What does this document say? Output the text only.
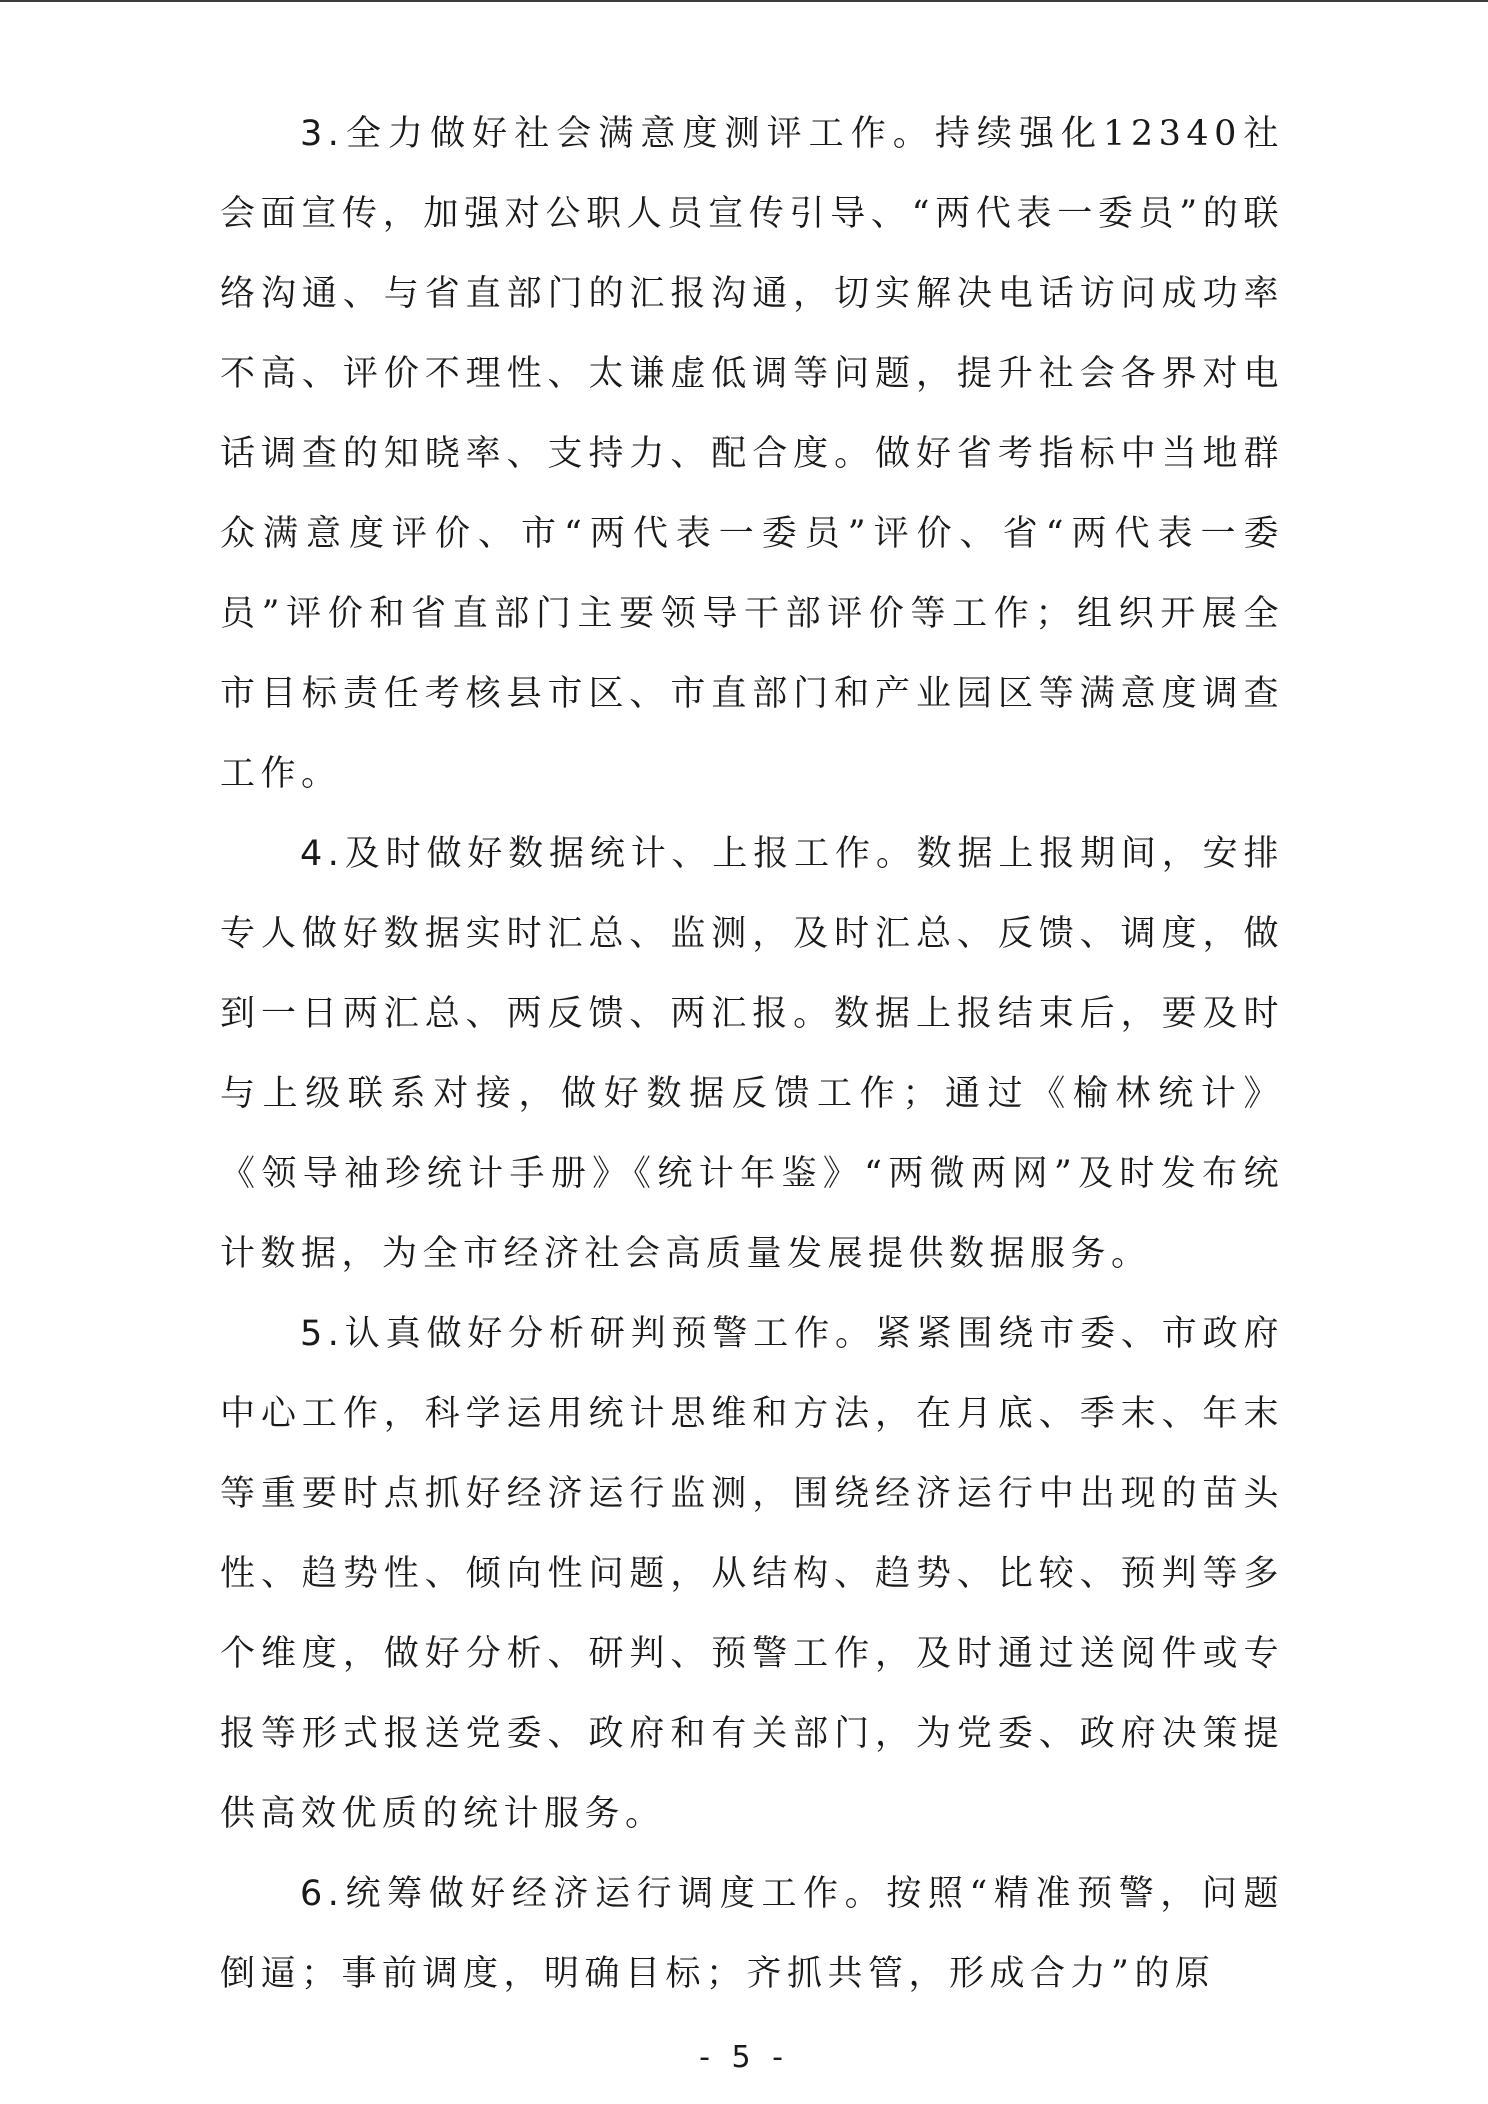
3.全力做好社会满意度测评工作。持续强化12340社会面宣传，加强对公职人员宣传引导、“两代表一委员”的联络沟通、与省直部门的汇报沟通，切实解决电话访问成功率不高、评价不理性、太谦虚低调等问题，提升社会各界对电话调查的知晓率、支持力、配合度。做好省考指标中当地群众满意度评价、市“两代表一委员”评价、省“两代表一委员”评价和省直部门主要领导干部评价等工作；组织开展全市目标责任考核县市区、市直部门和产业园区等满意度调查工作。

4.及时做好数据统计、上报工作。数据上报期间，安排专人做好数据实时汇总、监测，及时汇总、反馈、调度，做到一日两汇总、两反馈、两汇报。数据上报结束后，要及时与上级联系对接，做好数据反馈工作；通过《榆林统计》《领导袖珍统计手册》《统计年鉴》“两微两网”及时发布统计数据，为全市经济社会高质量发展提供数据服务。

5.认真做好分析研判预警工作。紧紧围绕市委、市政府中心工作，科学运用统计思维和方法，在月底、季末、年末等重要时点抓好经济运行监测，围绕经济运行中出现的苗头性、趋势性、倾向性问题，从结构、趋势、比较、预判等多个维度，做好分析、研判、预警工作，及时通过送阅件或专报等形式报送党委、政府和有关部门，为党委、政府决策提供高效优质的统计服务。

6.统筹做好经济运行调度工作。按照“精准预警，问题倒逼；事前调度，明确目标；齐抓共管，形成合力”的原

- 5 -
